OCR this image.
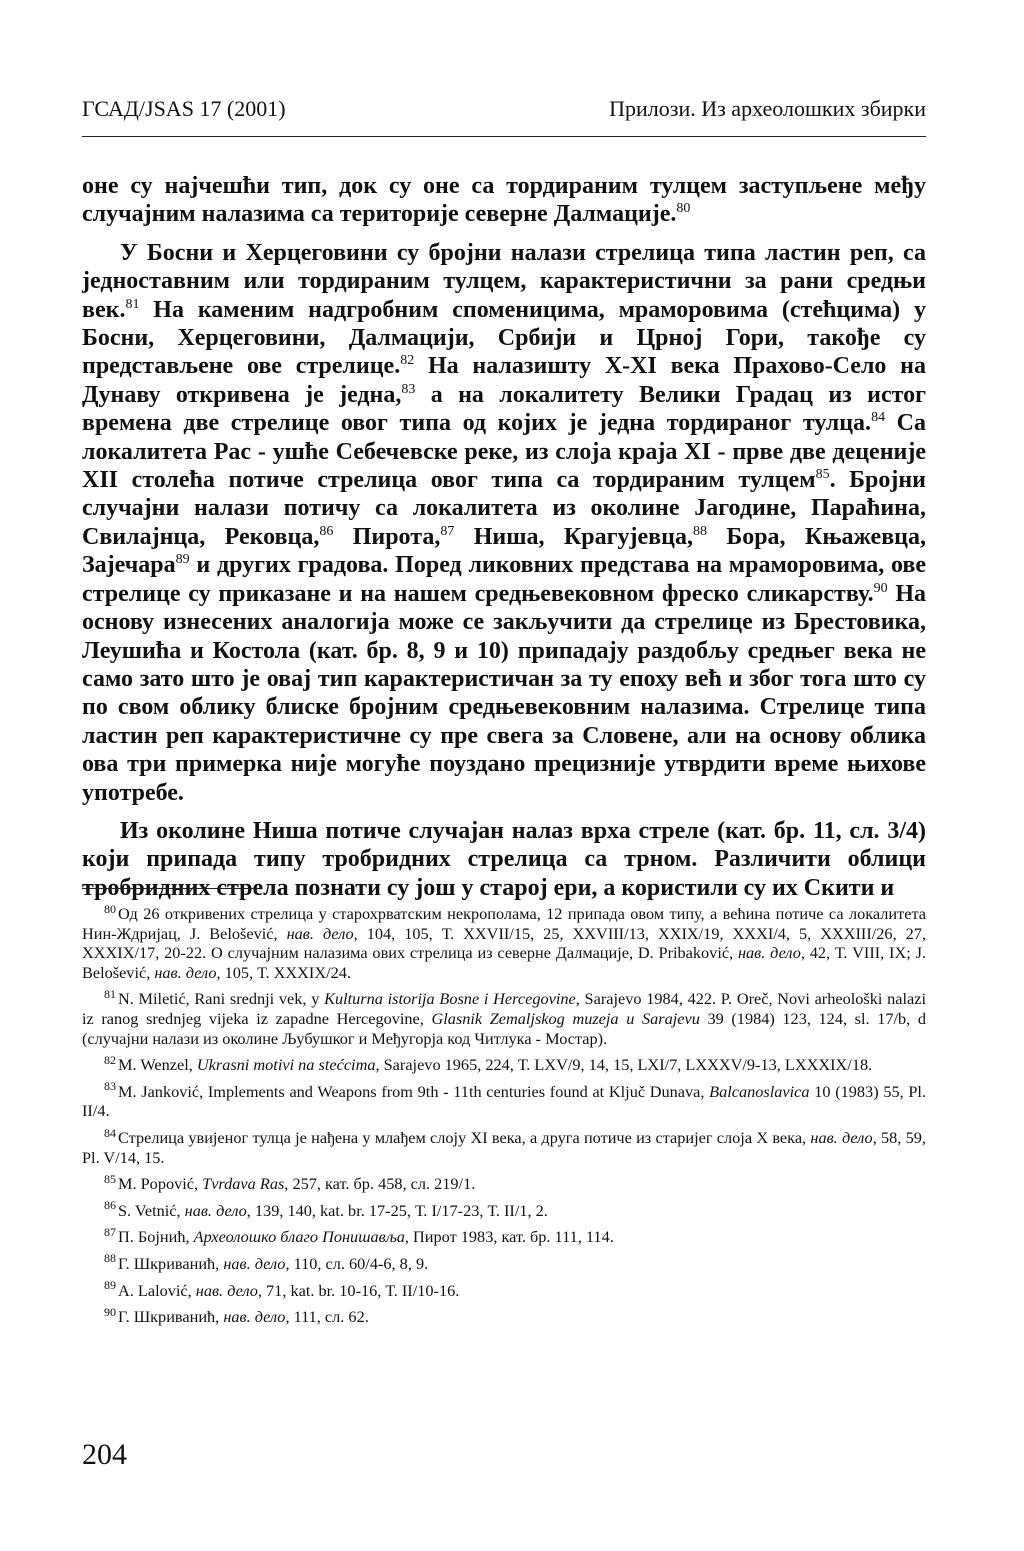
ГСАД/JSAS 17 (2001)	Прилози. Из археолошких збирки

оне су најчешћи тип, док су оне са тордираним тулцем заступљене међу случајним налазима са територије северне Далмације.$^{80}$

У Босни и Херцеговини су бројни налази стрелица типа ластин реп, са једноставним или тордираним тулцем, карактеристични за рани средњи век.$^{81}$ На каменим надгробним споменицима, мраморовима (стећцима) у Босни, Херцеговини, Далмацији, Србији и Црној Гори, такође су представљене ове стрелице.$^{82}$ На налазишту X-XI века Прахово-Село на Дунаву откривена је једна,$^{83}$ а на локалитету Велики Градац из истог времена две стрелице овог типа од којих је једна тордираног тулца.$^{84}$ Са локалитета Рас - ушће Себечевске реке, из слоја краја XI - прве две деценије XII столећа потиче стрелица овог типа са тордираним тулцем$^{85}$. Бројни случајни налази потичу са локалитета из околине Јагодине, Параћина, Свилајнца, Рековца,$^{86}$ Пирота,$^{87}$ Ниша, Крагујевца,$^{88}$ Бора, Књажевца, Зајечара$^{89}$ и других градова. Поред ликовних представа на мраморовима, ове стрелице су приказане и на нашем средњевековном фреско сликарству.$^{90}$ На основу изнесених аналогија може се закључити да стрелице из Брестовика, Леушића и Костола (кат. бр. 8, 9 и 10) припадају раздобљу средњег века не само зато што је овај тип карактеристичан за ту епоху већ и због тога што су по свом облику блиске бројним средњевековним налазима. Стрелице типа ластин реп карактеристичне су пре свега за Словене, али на основу облика ова три примерка није могуће поуздано прецизније утврдити време њихове употребе.

Из околине Ниша потиче случајан налаз врха стреле (кат. бр. 11, сл. 3/4) који припада типу тробридних стрелица са трном. Различити облици тробридних стрела познати су још у старој ери, а користили су их Скити и

$^{80}$ Од 26 откривених стрелица у старохрватским некрополама, 12 припада овом типу, а већина потиче са локалитета Нин-Ждријац, J. Belošević, нав. дело, 104, 105, Т. XXVII/15, 25, XXVIII/13, XXIX/19, XXXI/4, 5, XXXIII/26, 27, XXXIX/17, 20-22. О случајним налазима ових стрелица из северне Далмације, D. Pribaković, нав. дело, 42, Т. VIII, IX; J. Belošević, нав. дело, 105, Т. XXXIX/24.

$^{81}$ N. Miletić, Rani srednji vek, y Kulturna istorija Bosne i Hercegovine, Sarajevo 1984, 422. P. Oreč, Novi arheološki nalazi iz ranog srednjeg vijeka iz zapadne Hercegovine, Glasnik Zemaljskog muzeja u Sarajevu 39 (1984) 123, 124, sl. 17/b, d (случајни налази из околине Љубушког и Међугорја код Читлука - Мостар).

$^{82}$ M. Wenzel, Ukrasni motivi na stećcima, Sarajevo 1965, 224, Т. LXV/9, 14, 15, LXI/7, LXXXV/9-13, LXXXIX/18.

$^{83}$ M. Janković, Implements and Weapons from 9th - 11th centuries found at Ključ Dunava, Balcanoslavica 10 (1983) 55, Pl. II/4.

$^{84}$ Стрелица увијеног тулца је нађена у млађем слоју XI века, а друга потиче из старијег слоја X века, нав. дело, 58, 59, Pl. V/14, 15.

$^{85}$ M. Popović, Tvrdava Ras, 257, кат. бр. 458, сл. 219/1.

$^{86}$ S. Vetnić, нав. дело, 139, 140, kat. br. 17-25, Т. I/17-23, Т. II/1, 2.

$^{87}$ П. Бојнић, Археолошко благо Понишавља, Пирот 1983, кат. бр. 111, 114.

$^{88}$ Г. Шкриванић, нав. дело, 110, сл. 60/4-6, 8, 9.

$^{89}$ A. Lalović, нав. дело, 71, kat. br. 10-16, Т. II/10-16.

$^{90}$ Г. Шкриванић, нав. дело, 111, сл. 62.

204
